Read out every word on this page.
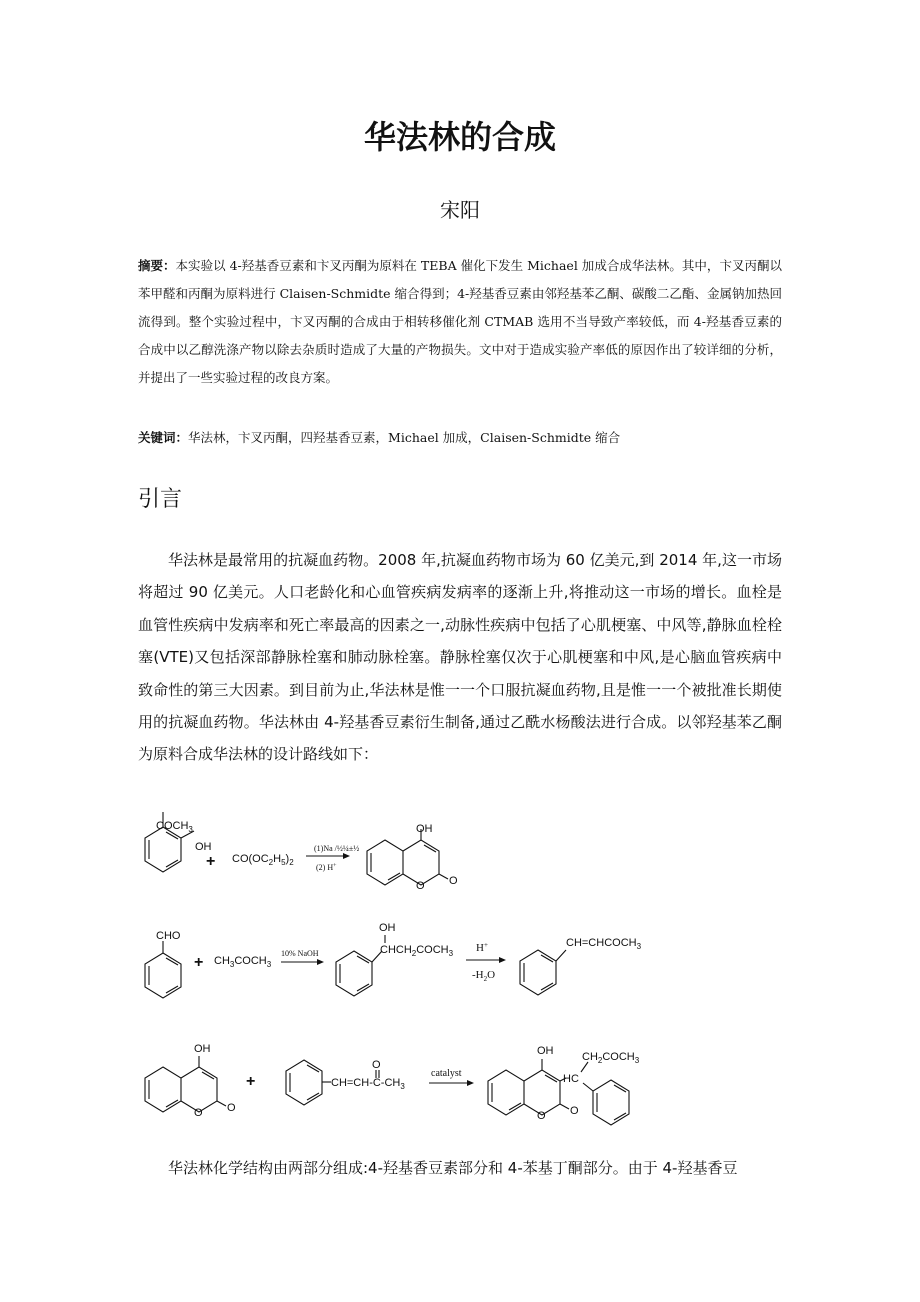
华法林的合成
宋阳
摘要：本实验以 4-羟基香豆素和卞叉丙酮为原料在 TEBA 催化下发生 Michael 加成合成华法林。其中，卞叉丙酮以苯甲醛和丙酮为原料进行 Claisen-Schmidte 缩合得到；4-羟基香豆素由邻羟基苯乙酮、碳酸二乙酯、金属钠加热回流得到。整个实验过程中，卞叉丙酮的合成由于相转移催化剂 CTMAB 选用不当导致产率较低，而 4-羟基香豆素的合成中以乙醇洗涤产物以除去杂质时造成了大量的产物损失。文中对于造成实验产率低的原因作出了较详细的分析，并提出了一些实验过程的改良方案。
关键词：华法林，卞叉丙酮，四羟基香豆素，Michael 加成，Claisen-Schmidte 缩合
引言

华法林是最常用的抗凝血药物。2008 年,抗凝血药物市场为 60 亿美元,到 2014 年,这一市场将超过 90 亿美元。人口老龄化和心血管疾病发病率的逐渐上升,将推动这一市场的增长。血栓是血管性疾病中发病率和死亡率最高的因素之一,动脉性疾病中包括了心肌梗塞、中风等,静脉血栓栓塞(VTE)又包括深部静脉栓塞和肺动脉栓塞。静脉栓塞仅次于心肌梗塞和中风,是心脑血管疾病中致命性的第三大因素。到目前为止,华法林是惟一一个口服抗凝血药物,且是惟一一个被批准长期使用的抗凝血药物。华法林由 4-羟基香豆素衍生制备,通过乙酰水杨酸法进行合成。以邻羟基苯乙酮为原料合成华法林的设计路线如下：

$COCH_3$
OH
+ $CO(OC_2H_5)_2$
(1)Na /½¼±½
(2) H+
OH
O O
CHO
+ $CH_3COCH_3$
10% NaOH
OH
$CHCH_2COCH_3$ H+
$-H_2O$
$CH=CHCOCH_3$
OH
O O
+
O
$CH=CH-C-CH_3$
catalyst
OH
O O
HC
$CH_2COCH_3$

华法林化学结构由两部分组成:4-羟基香豆素部分和 4-苯基丁酮部分。由于 4-羟基香豆
